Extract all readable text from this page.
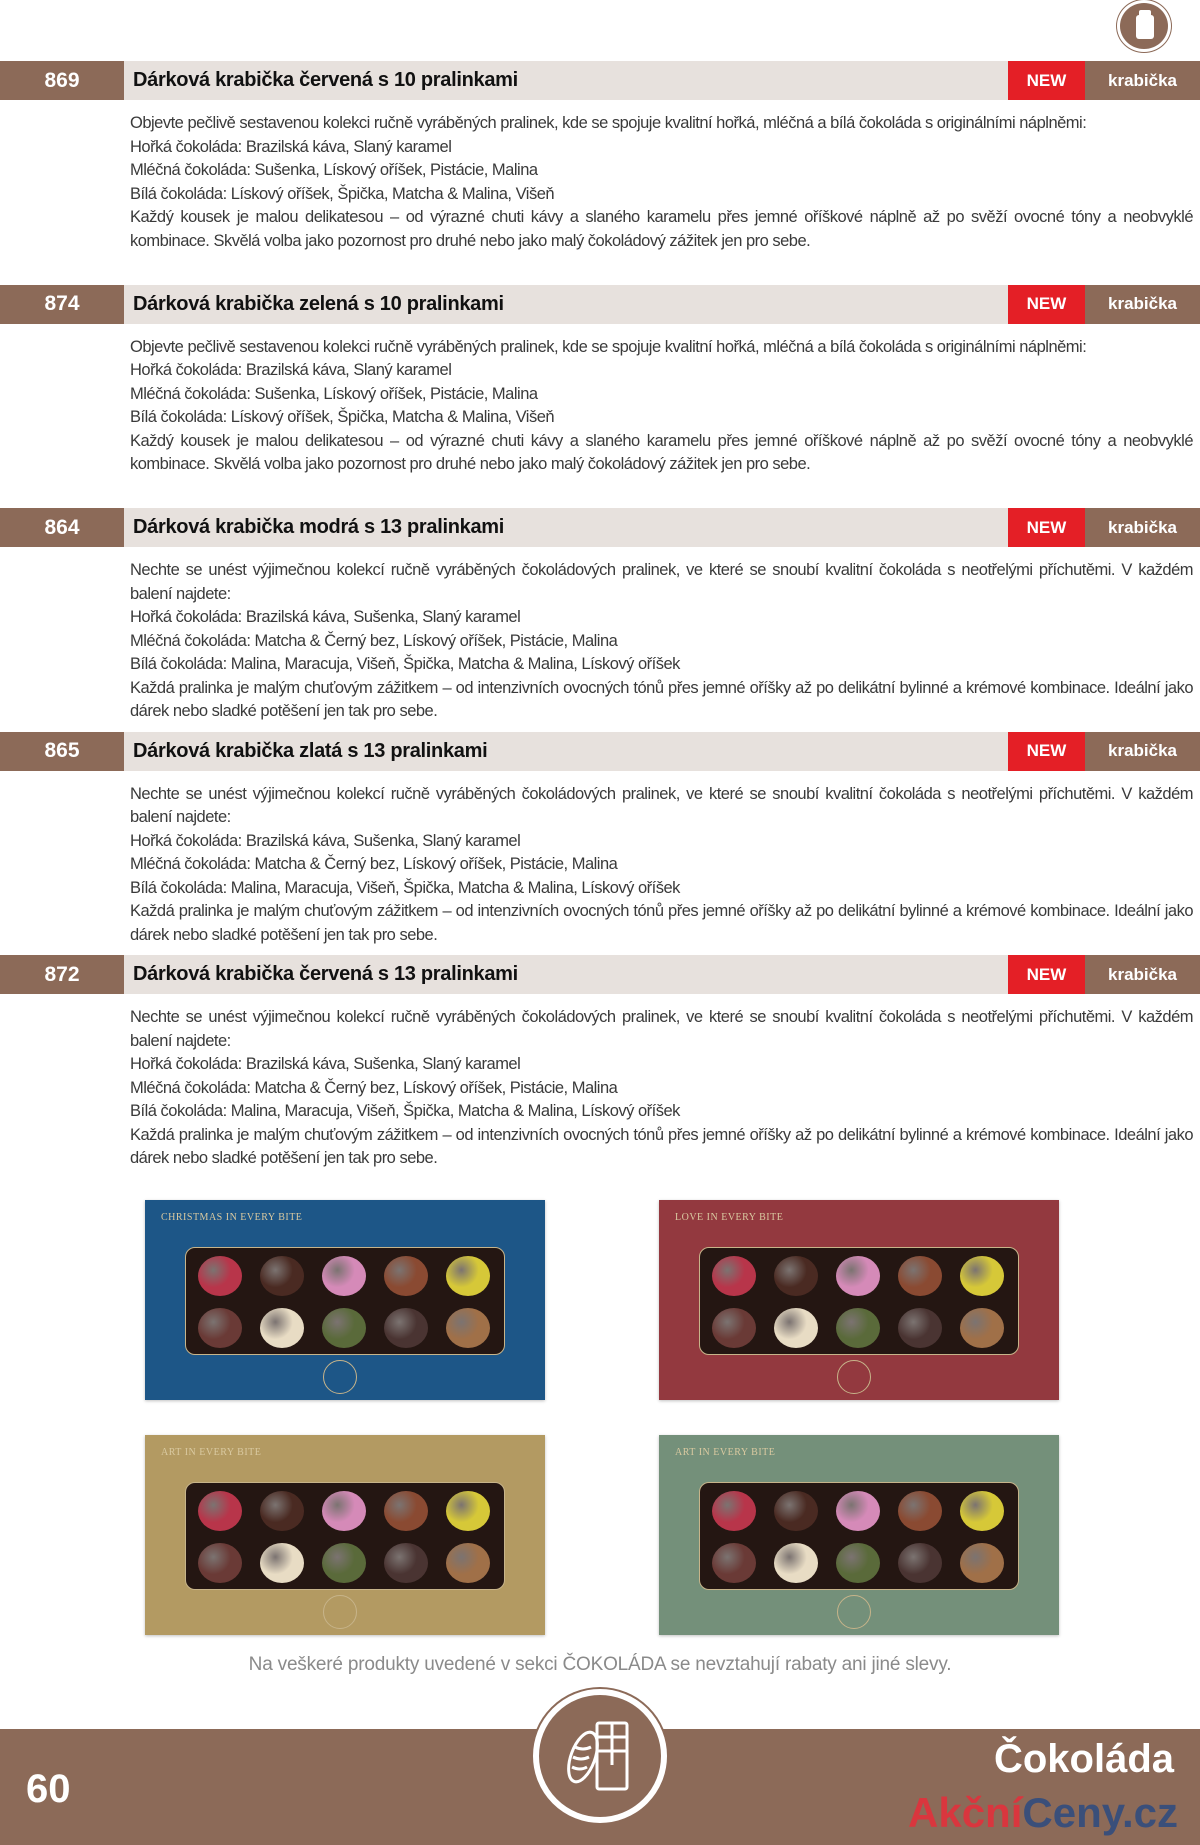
869	Dárková krabička červená s 10 pralinkami	NEW	krabička

Objevte pečlivě sestavenou kolekci ručně vyráběných pralinek, kde se spojuje kvalitní hořká, mléčná a bílá čokoláda s originálními náplněmi:

Hořká čokoláda: Brazilská káva, Slaný karamel
Mléčná čokoláda: Sušenka, Lískový oříšek, Pistácie, Malina
Bílá čokoláda: Lískový oříšek, Špička, Matcha & Malina, Višeň

Každý kousek je malou delikatesou – od výrazné chuti kávy a slaného karamelu přes jemné oříškové náplně až po svěží ovocné tóny a neobvyklé kombinace. Skvělá volba jako pozornost pro druhé nebo jako malý čokoládový zážitek jen pro sebe.

874	Dárková krabička zelená s 10 pralinkami	NEW	krabička

Objevte pečlivě sestavenou kolekci ručně vyráběných pralinek, kde se spojuje kvalitní hořká, mléčná a bílá čokoláda s originálními náplněmi:

Hořká čokoláda: Brazilská káva, Slaný karamel
Mléčná čokoláda: Sušenka, Lískový oříšek, Pistácie, Malina
Bílá čokoláda: Lískový oříšek, Špička, Matcha & Malina, Višeň

Každý kousek je malou delikatesou – od výrazné chuti kávy a slaného karamelu přes jemné oříškové náplně až po svěží ovocné tóny a neobvyklé kombinace. Skvělá volba jako pozornost pro druhé nebo jako malý čokoládový zážitek jen pro sebe.

864	Dárková krabička modrá s 13 pralinkami	NEW	krabička

Nechte se unést výjimečnou kolekcí ručně vyráběných čokoládových pralinek, ve které se snoubí kvalitní čokoláda s neotřelými příchutěmi. V každém balení najdete:

Hořká čokoláda: Brazilská káva, Sušenka, Slaný karamel
Mléčná čokoláda: Matcha & Černý bez, Lískový oříšek, Pistácie, Malina
Bílá čokoláda: Malina, Maracuja, Višeň, Špička, Matcha & Malina, Lískový oříšek

Každá pralinka je malým chuťovým zážitkem – od intenzivních ovocných tónů přes jemné oříšky až po delikátní bylinné a krémové kombinace. Ideální jako dárek nebo sladké potěšení jen tak pro sebe.

865	Dárková krabička zlatá s 13 pralinkami	NEW	krabička

Nechte se unést výjimečnou kolekcí ručně vyráběných čokoládových pralinek, ve které se snoubí kvalitní čokoláda s neotřelými příchutěmi. V každém balení najdete:

Hořká čokoláda: Brazilská káva, Sušenka, Slaný karamel
Mléčná čokoláda: Matcha & Černý bez, Lískový oříšek, Pistácie, Malina
Bílá čokoláda: Malina, Maracuja, Višeň, Špička, Matcha & Malina, Lískový oříšek

Každá pralinka je malým chuťovým zážitkem – od intenzivních ovocných tónů přes jemné oříšky až po delikátní bylinné a krémové kombinace. Ideální jako dárek nebo sladké potěšení jen tak pro sebe.

872	Dárková krabička červená s 13 pralinkami	NEW	krabička

Nechte se unést výjimečnou kolekcí ručně vyráběných čokoládových pralinek, ve které se snoubí kvalitní čokoláda s neotřelými příchutěmi. V každém balení najdete:

Hořká čokoláda: Brazilská káva, Sušenka, Slaný karamel
Mléčná čokoláda: Matcha & Černý bez, Lískový oříšek, Pistácie, Malina
Bílá čokoláda: Malina, Maracuja, Višeň, Špička, Matcha & Malina, Lískový oříšek

Každá pralinka je malým chuťovým zážitkem – od intenzivních ovocných tónů přes jemné oříšky až po delikátní bylinné a krémové kombinace. Ideální jako dárek nebo sladké potěšení jen tak pro sebe.

CHRISTMAS IN EVERY BITE	LOVE IN EVERY BITE
ART IN EVERY BITE	ART IN EVERY BITE
Na veškeré produkty uvedené v sekci ČOKOLÁDA se nevztahují rabaty ani jiné slevy.
60
Čokoláda
AkčníCeny.cz
